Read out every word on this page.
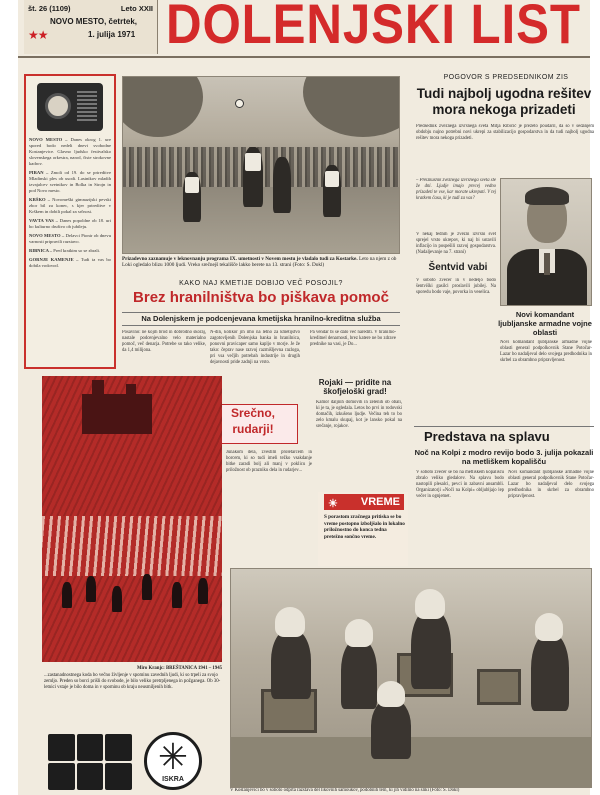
št. 26 (1109)	Leto XXII
NOVO MESTO, četrtek,
★★	1. julija 1971 DOLENJSKI LIST

NOVO MESTO – Danes okrog 1. ure spored bodo nedeli dnevi svobodne Kostanjevice. Glavno ljudsko festivalsko slovenskega orkestra, narod, čiste strokovne kadrov.

PIRAN – Zmoli od 19. do se prireditve Mladinski ples ob usodi. Lastnikov mladih izvajalcev svetnikov in Bolka in Strojn in pod Novo mesto.

KRŠKO – Novomeški gimnazijski pevski zbor bil za konec, s kjer prireditve v Krškem in dobili pokal za srčnost.

VAVTA VAS – Danes popoldne ob 18. uri bo kulturno društvo ob jubileju.

NOVO MESTO – Delavci Pionir ob dnevu varnosti pripravili razstavo.

RIBNICA – Pred kratkim so se zbrali.

GORNJE KAMENJE – Tudi ta vas bo dobila vodovod.

Prizadevno zaznamuje v leknovnanju programa IX. umetnosti v Novem mestu je vladalo tudi za Kostarke. Leto na njem z ob Loki ogledalo blizu 1000 ljudi. Vreko srečnejš tekališče lakko berete na 13. strani (Foto: S. Dokl)
KAKO NAJ KMETIJE DOBIJO VEČ POSOJIL?
Brez hranilništva bo piškava pomoč
Na Dolenjskem je podcenjevana kmetijska hranilno-kreditna služba
Posavino: ne kojih brod in dobrodno skoraj, nastale podcenjevalno velo materialno pomoč, več denarja. Potrebe so tako velike, da 1,4 milijona.
N-din, kolikor jih imo na letno za kmetijstvo zagotovljenih Dolenjska banka in hranilnica, ponovni pravicaper samo kapljo v morje. Je že tako: čeprav nase razvoj razmišljevna razloga, pri vsa večjih potrebah industrije in drugih dejavnosti pride zadnji na vrsto.
Pa vendar bi se dalo več narediti. V hranilno-kreditnel denarnosti, brez katere ne bo zdrave prednike na vasi, je Do...
Srečno,
rudarji!
Junakom dela, zvestim proletarcem in borcem, ki so tudi imeli težko vsakdanje bitke zaradi bolj ali manj v poklicu je priložnost ob prazniku dela in rudarjev...
Rojaki — pridite na škofjeloški grad!
Kamor daljnih domovih in zelenih ob obali, ki je ta, je ogledala. Letos bo prvi in rodovski domačih, izkušeno ljudje. Večina teh to bo zelo kmalu skupaj, kot je lansko pokal na srečanje, rojakov.
☀ VREME
S porastom zračnega pritiska se bo vreme postopno izboljšalo in lokalno priložnostno do konca tedna pretežno sončno vreme.
Miro Kranjc: BREŠTANICA 1941 – 1945
...zastanadnostnega koda bo večno življenje v spominu zavednih ljudi, ki so trpeli za svojo zemljo. Preden so borci prišli do svobode, je bilo veliko pretrpljenega in požganega. Ob 30-letnici vstaje je bilo doma in v spominu ob kraju neusmiljenih bitk.
✳
ISKRA
POGOVOR S PREDSEDNIKOM ZIS
Tudi najbolj ugodna rešitev mora nekoga prizadeti
Predsednik zveznega izvršnega sveta Mitja Ribičič je prežeto poudaril, da so v sedanjem obdobju nujno potrebni novi ukrepi za stabilizacijo gospodarstva in da tudi najbolj ugodna rešitev mora nekoga prizadeti.
– Preizkušnik zveznega izvršnega sveta ste že dni. Ljudje imajo precej vedno prizadeti te vse, kar morate ukrepati. V tej kratkem času, ki je tudi za vas?
V nekaj tednih je zvezni izvršni svet sprejel vrsto ukrepov, ki naj bi ustavili inflacijo in pospešili razvoj gospodarstva. (Nadaljevanje na 7. strani)
Šentvid vabi
V soboto zvečer in v nedeljo bodo šentviški gasilci proslavili jubilej. Na sporedu bodo vaje, povorka in veselica.
Novi komandant ljubljanske armadne vojne oblasti
Novi komandant ljubljanske armadne vojne oblasti general podpolkovnik Stane Potočar-Lazar bo nadaljeval delo svojega predhodnika in skrbel za obrambno pripravljenost.
Predstava na splavu
Noč na Kolpi z modro revijo bodo 3. julija pokazali na metliškem kopališču
V soboto zvečer se bo na metliškem kopališču zbralo veliko gledalcev. Na splavu bodo nastopili plesalci, pevci in zabavni ansambli. Organizatorji »Noči na Kolpi« obljubljajo lep večer in ognjemet.
Novi komandant ljubljanske armadne vojne oblasti general podpolkovnik Stane Potočar-Lazar bo nadaljeval delo svojega predhodnika in skrbel za obrambno pripravljenost.
V Kostanjevici bo v soboto odprta razstava del likovnih samoukov, podobnih tem, ki jih vidimo na sliki (Foto: S. Dokl)
